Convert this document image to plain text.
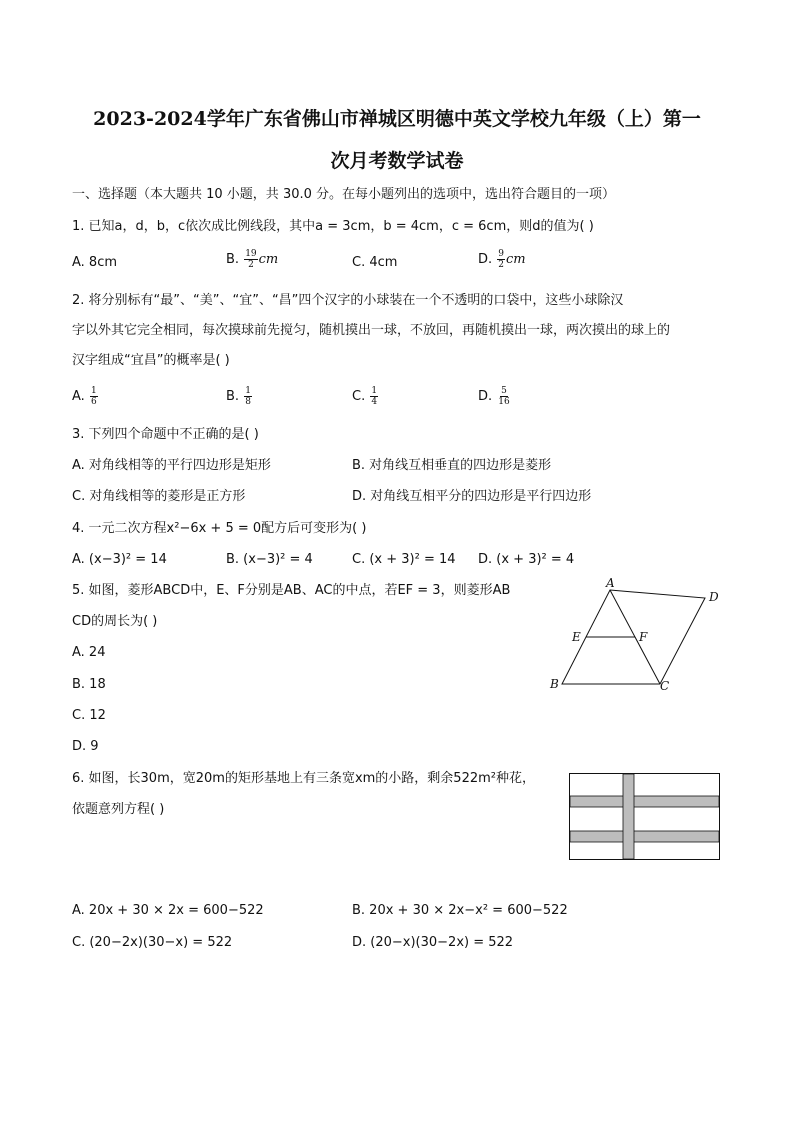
2023-2024学年广东省佛山市禅城区明德中英文学校九年级（上）第一
次月考数学试卷
一、选择题（本大题共 10 小题，共 30.0 分。在每小题列出的选项中，选出符合题目的一项）
1. 已知a，d，b，c依次成比例线段，其中a = 3cm，b = 4cm，c = 6cm，则d的值为( )
A. 8cm	B. $\frac{19}{2}$ cm	C. 4cm	D. $\frac{9}{2}$ cm
2. 将分别标有“最”、“美”、“宜”、“昌”四个汉字的小球装在一个不透明的口袋中，这些小球除汉
字以外其它完全相同，每次摸球前先搅匀，随机摸出一球，不放回，再随机摸出一球，两次摸出的球上的
汉字组成“宜昌”的概率是( )
A. $\frac{1}{6}$	B. $\frac{1}{8}$	C. $\frac{1}{4}$	D. $\frac{5}{16}$
3. 下列四个命题中不正确的是( )
A. 对角线相等的平行四边形是矩形	B. 对角线互相垂直的四边形是菱形
C. 对角线相等的菱形是正方形	D. 对角线互相平分的四边形是平行四边形
4. 一元二次方程x²−6x + 5 = 0配方后可变形为( )
A. (x−3)² = 14	B. (x−3)² = 4	C. (x + 3)² = 14 D. (x + 3)² = 4
5. 如图，菱形ABCD中，E、F分别是AB、AC的中点，若EF = 3，则菱形AB
CD的周长为( )
A. 24
B. 18
C. 12
D. 9
A
D
E	F
B	C
6. 如图，长30m，宽20m的矩形基地上有三条宽xm的小路，剩余522m²种花，
依题意列方程( )
A. 20x + 30 × 2x = 600−522	B. 20x + 30 × 2x−x² = 600−522
C. (20−2x)(30−x) = 522	D. (20−x)(30−2x) = 522
